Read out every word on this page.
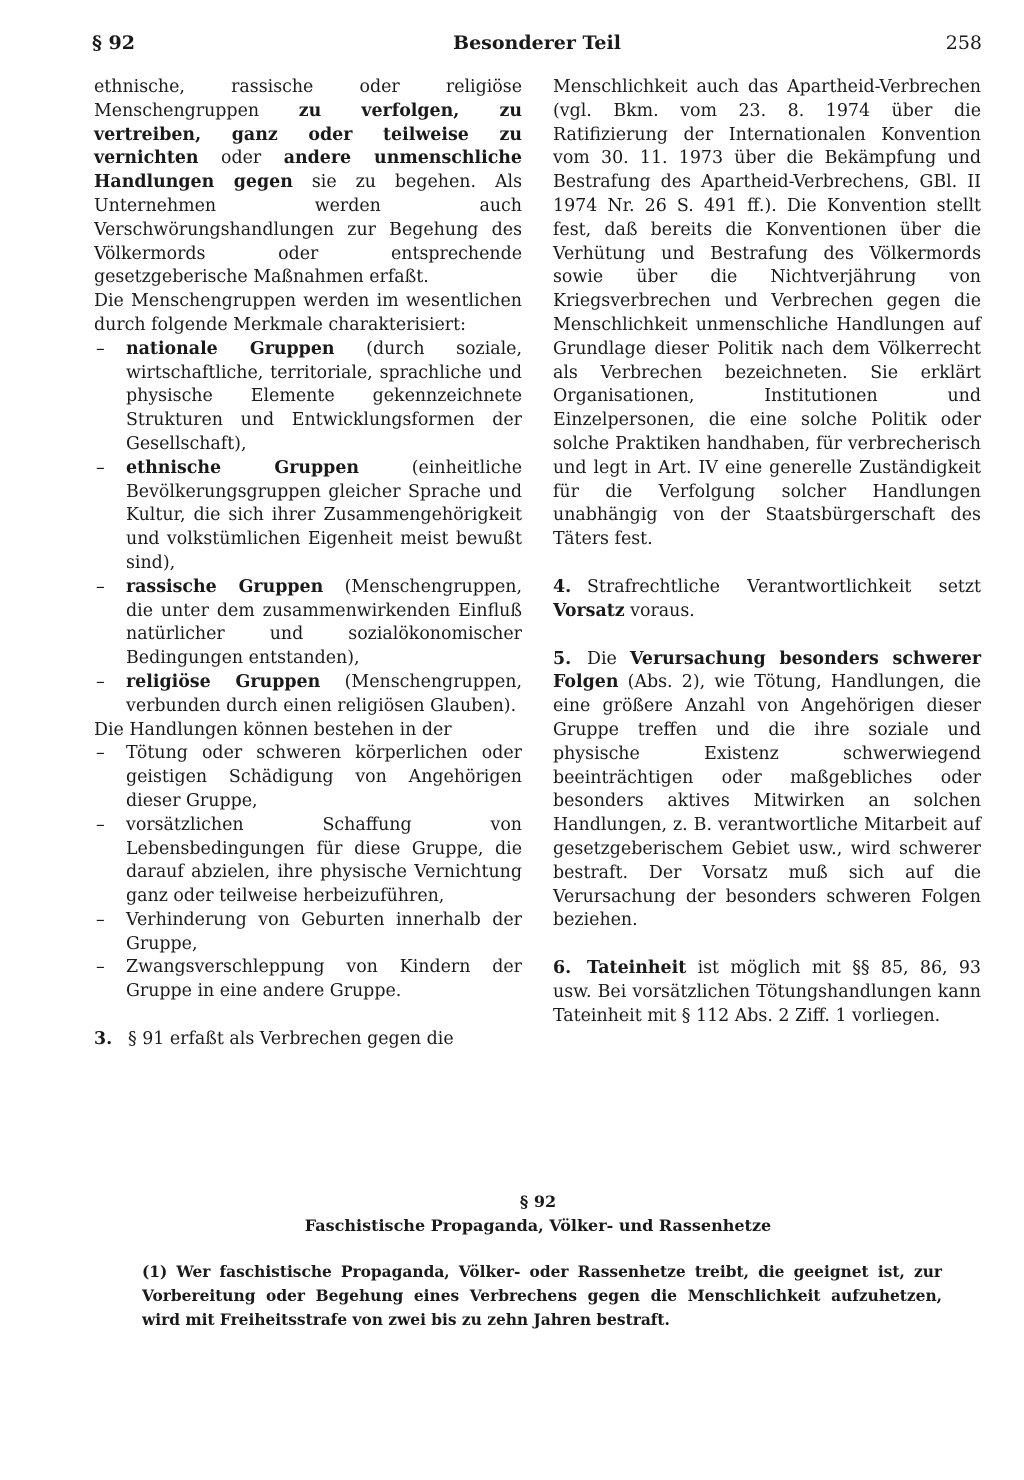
§ 92	Besonderer Teil	258

ethnische, rassische oder religiöse Menschengruppen zu verfolgen, zu vertreiben, ganz oder teilweise zu vernichten oder andere unmenschliche Handlungen gegen sie zu begehen. Als Unternehmen werden auch Verschwörungshandlungen zur Begehung des Völkermords oder entsprechende gesetzgeberische Maßnahmen erfaßt.

Die Menschengruppen werden im wesentlichen durch folgende Merkmale charakterisiert:

– nationale Gruppen (durch soziale, wirtschaftliche, territoriale, sprachliche und physische Elemente gekennzeichnete Strukturen und Entwicklungsformen der Gesellschaft),

– ethnische Gruppen (einheitliche Bevölkerungsgruppen gleicher Sprache und Kultur, die sich ihrer Zusammengehörigkeit und volkstümlichen Eigenheit meist bewußt sind),

– rassische Gruppen (Menschengruppen, die unter dem zusammenwirkenden Einfluß natürlicher und sozialökonomischer Bedingungen entstanden),

– religiöse Gruppen (Menschengruppen, verbunden durch einen religiösen Glauben).

Die Handlungen können bestehen in der

– Tötung oder schweren körperlichen oder geistigen Schädigung von Angehörigen dieser Gruppe,

– vorsätzlichen Schaffung von Lebensbedingungen für diese Gruppe, die darauf abzielen, ihre physische Vernichtung ganz oder teilweise herbeizuführen,

– Verhinderung von Geburten innerhalb der Gruppe,

– Zwangsverschleppung von Kindern der Gruppe in eine andere Gruppe.

3. § 91 erfaßt als Verbrechen gegen die

Menschlichkeit auch das Apartheid-Verbrechen (vgl. Bkm. vom 23. 8. 1974 über die Ratifizierung der Internationalen Konvention vom 30. 11. 1973 über die Bekämpfung und Bestrafung des Apartheid-Verbrechens, GBl. II 1974 Nr. 26 S. 491 ff.). Die Konvention stellt fest, daß bereits die Konventionen über die Verhütung und Bestrafung des Völkermords sowie über die Nichtverjährung von Kriegsverbrechen und Verbrechen gegen die Menschlichkeit unmenschliche Handlungen auf Grundlage dieser Politik nach dem Völkerrecht als Verbrechen bezeichneten. Sie erklärt Organisationen, Institutionen und Einzelpersonen, die eine solche Politik oder solche Praktiken handhaben, für verbrecherisch und legt in Art. IV eine generelle Zuständigkeit für die Verfolgung solcher Handlungen unabhängig von der Staatsbürgerschaft des Täters fest.

4. Strafrechtliche Verantwortlichkeit setzt Vorsatz voraus.

5. Die Verursachung besonders schwerer Folgen (Abs. 2), wie Tötung, Handlungen, die eine größere Anzahl von Angehörigen dieser Gruppe treffen und die ihre soziale und physische Existenz schwerwiegend beeinträchtigen oder maßgebliches oder besonders aktives Mitwirken an solchen Handlungen, z. B. verantwortliche Mitarbeit auf gesetzgeberischem Gebiet usw., wird schwerer bestraft. Der Vorsatz muß sich auf die Verursachung der besonders schweren Folgen beziehen.

6. Tateinheit ist möglich mit §§ 85, 86, 93 usw. Bei vorsätzlichen Tötungshandlungen kann Tateinheit mit § 112 Abs. 2 Ziff. 1 vorliegen.

§ 92
Faschistische Propaganda, Völker- und Rassenhetze
(1) Wer faschistische Propaganda, Völker- oder Rassenhetze treibt, die geeignet ist, zur Vorbereitung oder Begehung eines Verbrechens gegen die Menschlichkeit aufzuhetzen, wird mit Freiheitsstrafe von zwei bis zu zehn Jahren bestraft.
